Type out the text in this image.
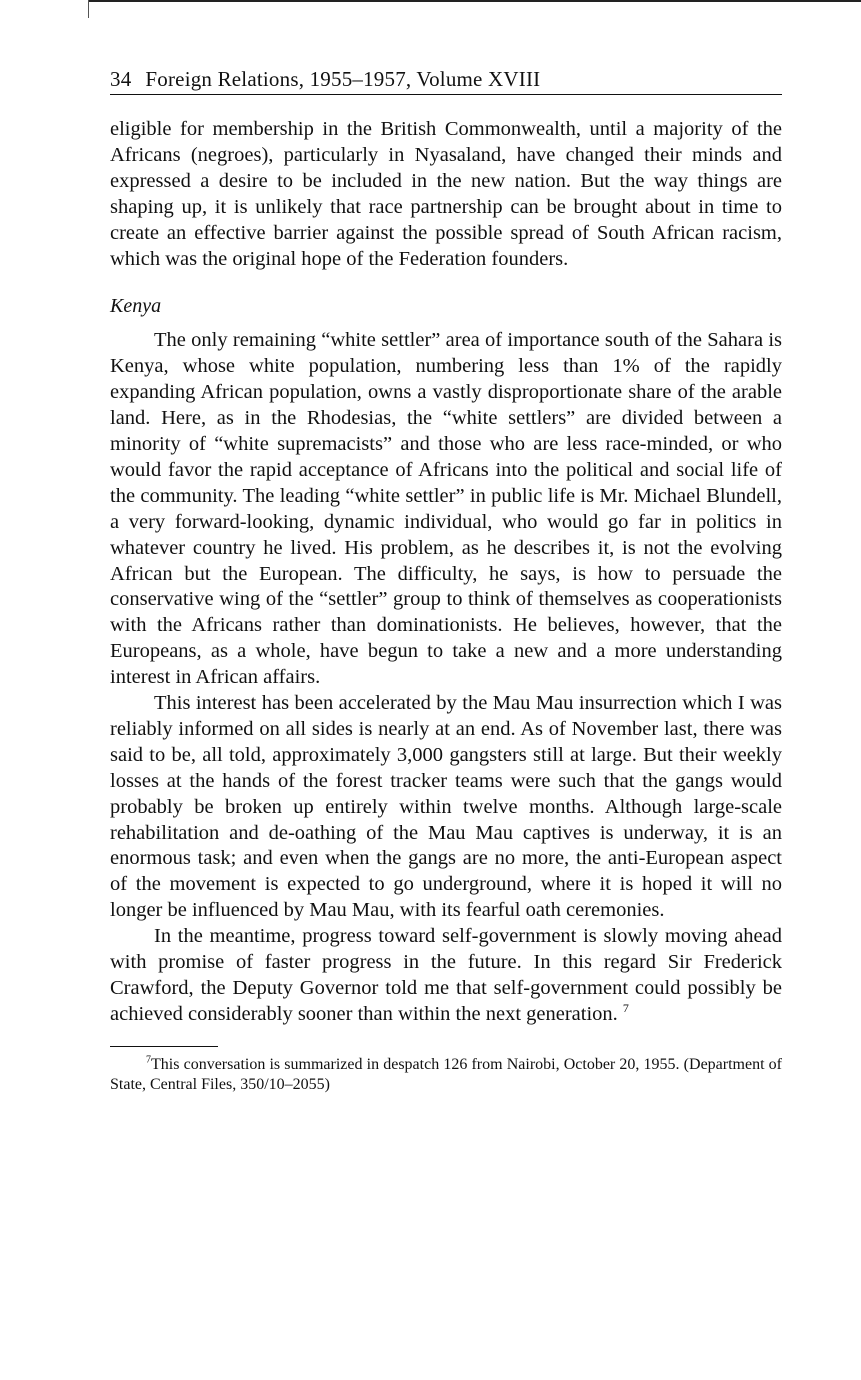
34 Foreign Relations, 1955–1957, Volume XVIII

eligible for membership in the British Commonwealth, until a majority of the Africans (negroes), particularly in Nyasaland, have changed their minds and expressed a desire to be included in the new nation. But the way things are shaping up, it is unlikely that race partnership can be brought about in time to create an effective barrier against the possible spread of South African racism, which was the original hope of the Federation founders.

Kenya

The only remaining “white settler” area of importance south of the Sahara is Kenya, whose white population, numbering less than 1% of the rapidly expanding African population, owns a vastly disproportionate share of the arable land. Here, as in the Rhodesias, the “white settlers” are divided between a minority of “white supremacists” and those who are less race-minded, or who would favor the rapid acceptance of Africans into the political and social life of the community. The leading “white settler” in public life is Mr. Michael Blundell, a very forward-looking, dynamic individual, who would go far in politics in whatever country he lived. His problem, as he describes it, is not the evolving African but the European. The difficulty, he says, is how to persuade the conservative wing of the “settler” group to think of themselves as cooperationists with the Africans rather than dominationists. He believes, however, that the Europeans, as a whole, have begun to take a new and a more understanding interest in African affairs.

This interest has been accelerated by the Mau Mau insurrection which I was reliably informed on all sides is nearly at an end. As of November last, there was said to be, all told, approximately 3,000 gangsters still at large. But their weekly losses at the hands of the forest tracker teams were such that the gangs would probably be broken up entirely within twelve months. Although large-scale rehabilitation and de-oathing of the Mau Mau captives is underway, it is an enormous task; and even when the gangs are no more, the anti-European aspect of the movement is expected to go underground, where it is hoped it will no longer be influenced by Mau Mau, with its fearful oath ceremonies.

In the meantime, progress toward self-government is slowly moving ahead with promise of faster progress in the future. In this regard Sir Frederick Crawford, the Deputy Governor told me that self-government could possibly be achieved considerably sooner than within the next generation. $^7$

$^7$This conversation is summarized in despatch 126 from Nairobi, October 20, 1955. (Department of State, Central Files, 350/10–2055)
